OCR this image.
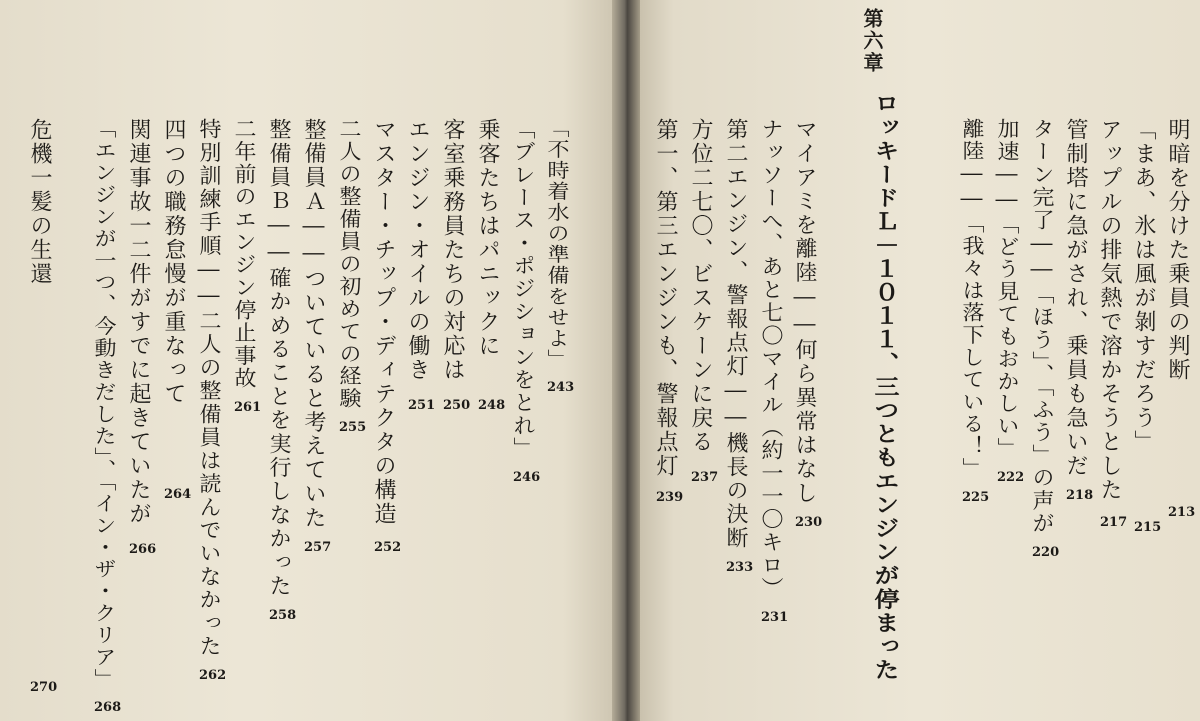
第六章
ロッキードＬ－１０１１、三つともエンジンが停まった	明暗を分けた乗員の判断
213
「まあ、氷は風が剝すだろう」
215
アップルの排気熱で溶かそうとした
217
管制塔に急がされ、乗員も急いだ
218
ターン完了――「ほう」、「ふう」の声が
220
加速――「どう見てもおかしい」
222
離陸――「我々は落下している！」
225
マイアミを離陸――何ら異常はなし
230
ナッソーへ、あと七〇マイル（約一一〇キロ）
231
第二エンジン、警報点灯――機長の決断
233
方位二七〇、ビスケーンに戻る
237
第一、第三エンジンも、警報点灯
239
「不時着水の準備をせよ」
243
「ブレース・ポジションをとれ」
246
乗客たちはパニックに
248
客室乗務員たちの対応は
250
エンジン・オイルの働き
251
マスター・チップ・ディテクタの構造
252
二人の整備員の初めての経験
255
整備員Ａ――ついていると考えていた
257
整備員Ｂ――確かめることを実行しなかった
258
二年前のエンジン停止事故
261
特別訓練手順――二人の整備員は読んでいなかった
262
四つの職務怠慢が重なって
264
関連事故一二件がすでに起きていたが
266
「エンジンが一つ、今動きだした」、「イン・ザ・クリア」
268
危機一髪の生還
270
